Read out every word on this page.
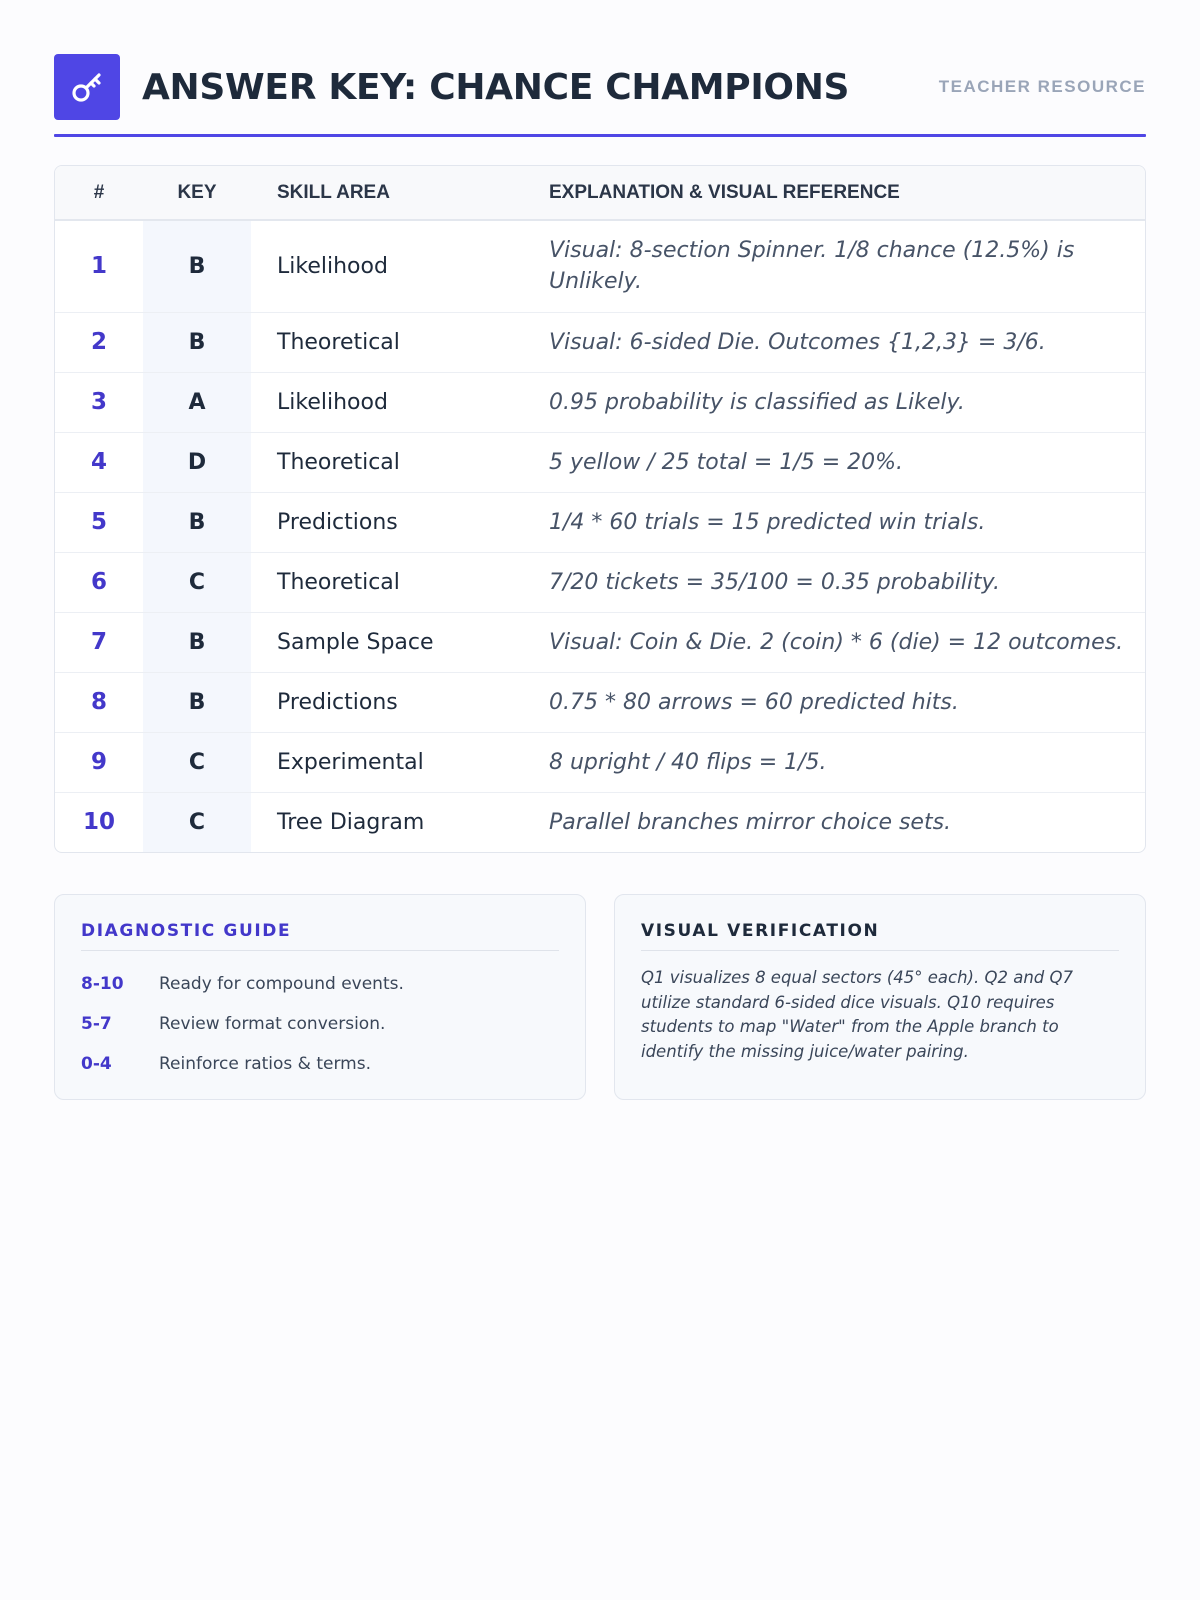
ANSWER KEY: CHANCE CHAMPIONS	TEACHER RESOURCE
#	KEY	SKILL AREA	EXPLANATION & VISUAL REFERENCE
1	B	Likelihood	Visual: 8-section Spinner. 1/8 chance (12.5%) is Unlikely.
2	B	Theoretical	Visual: 6-sided Die. Outcomes {1,2,3} = 3/6.
3	A	Likelihood	0.95 probability is classified as Likely.
4	D	Theoretical	5 yellow / 25 total = 1/5 = 20%.
5	B	Predictions	1/4 * 60 trials = 15 predicted win trials.
6	C	Theoretical	7/20 tickets = 35/100 = 0.35 probability.
7	B	Sample Space	Visual: Coin & Die. 2 (coin) * 6 (die) = 12 outcomes.
8	B	Predictions	0.75 * 80 arrows = 60 predicted hits.
9	C	Experimental	8 upright / 40 flips = 1/5.
10	C	Tree Diagram	Parallel branches mirror choice sets.
DIAGNOSTIC GUIDE
8-10	Ready for compound events.
5-7	Review format conversion.
0-4	Reinforce ratios & terms.
VISUAL VERIFICATION

Q1 visualizes 8 equal sectors (45° each). Q2 and Q7 utilize standard 6-sided dice visuals. Q10 requires students to map "Water" from the Apple branch to identify the missing juice/water pairing.
